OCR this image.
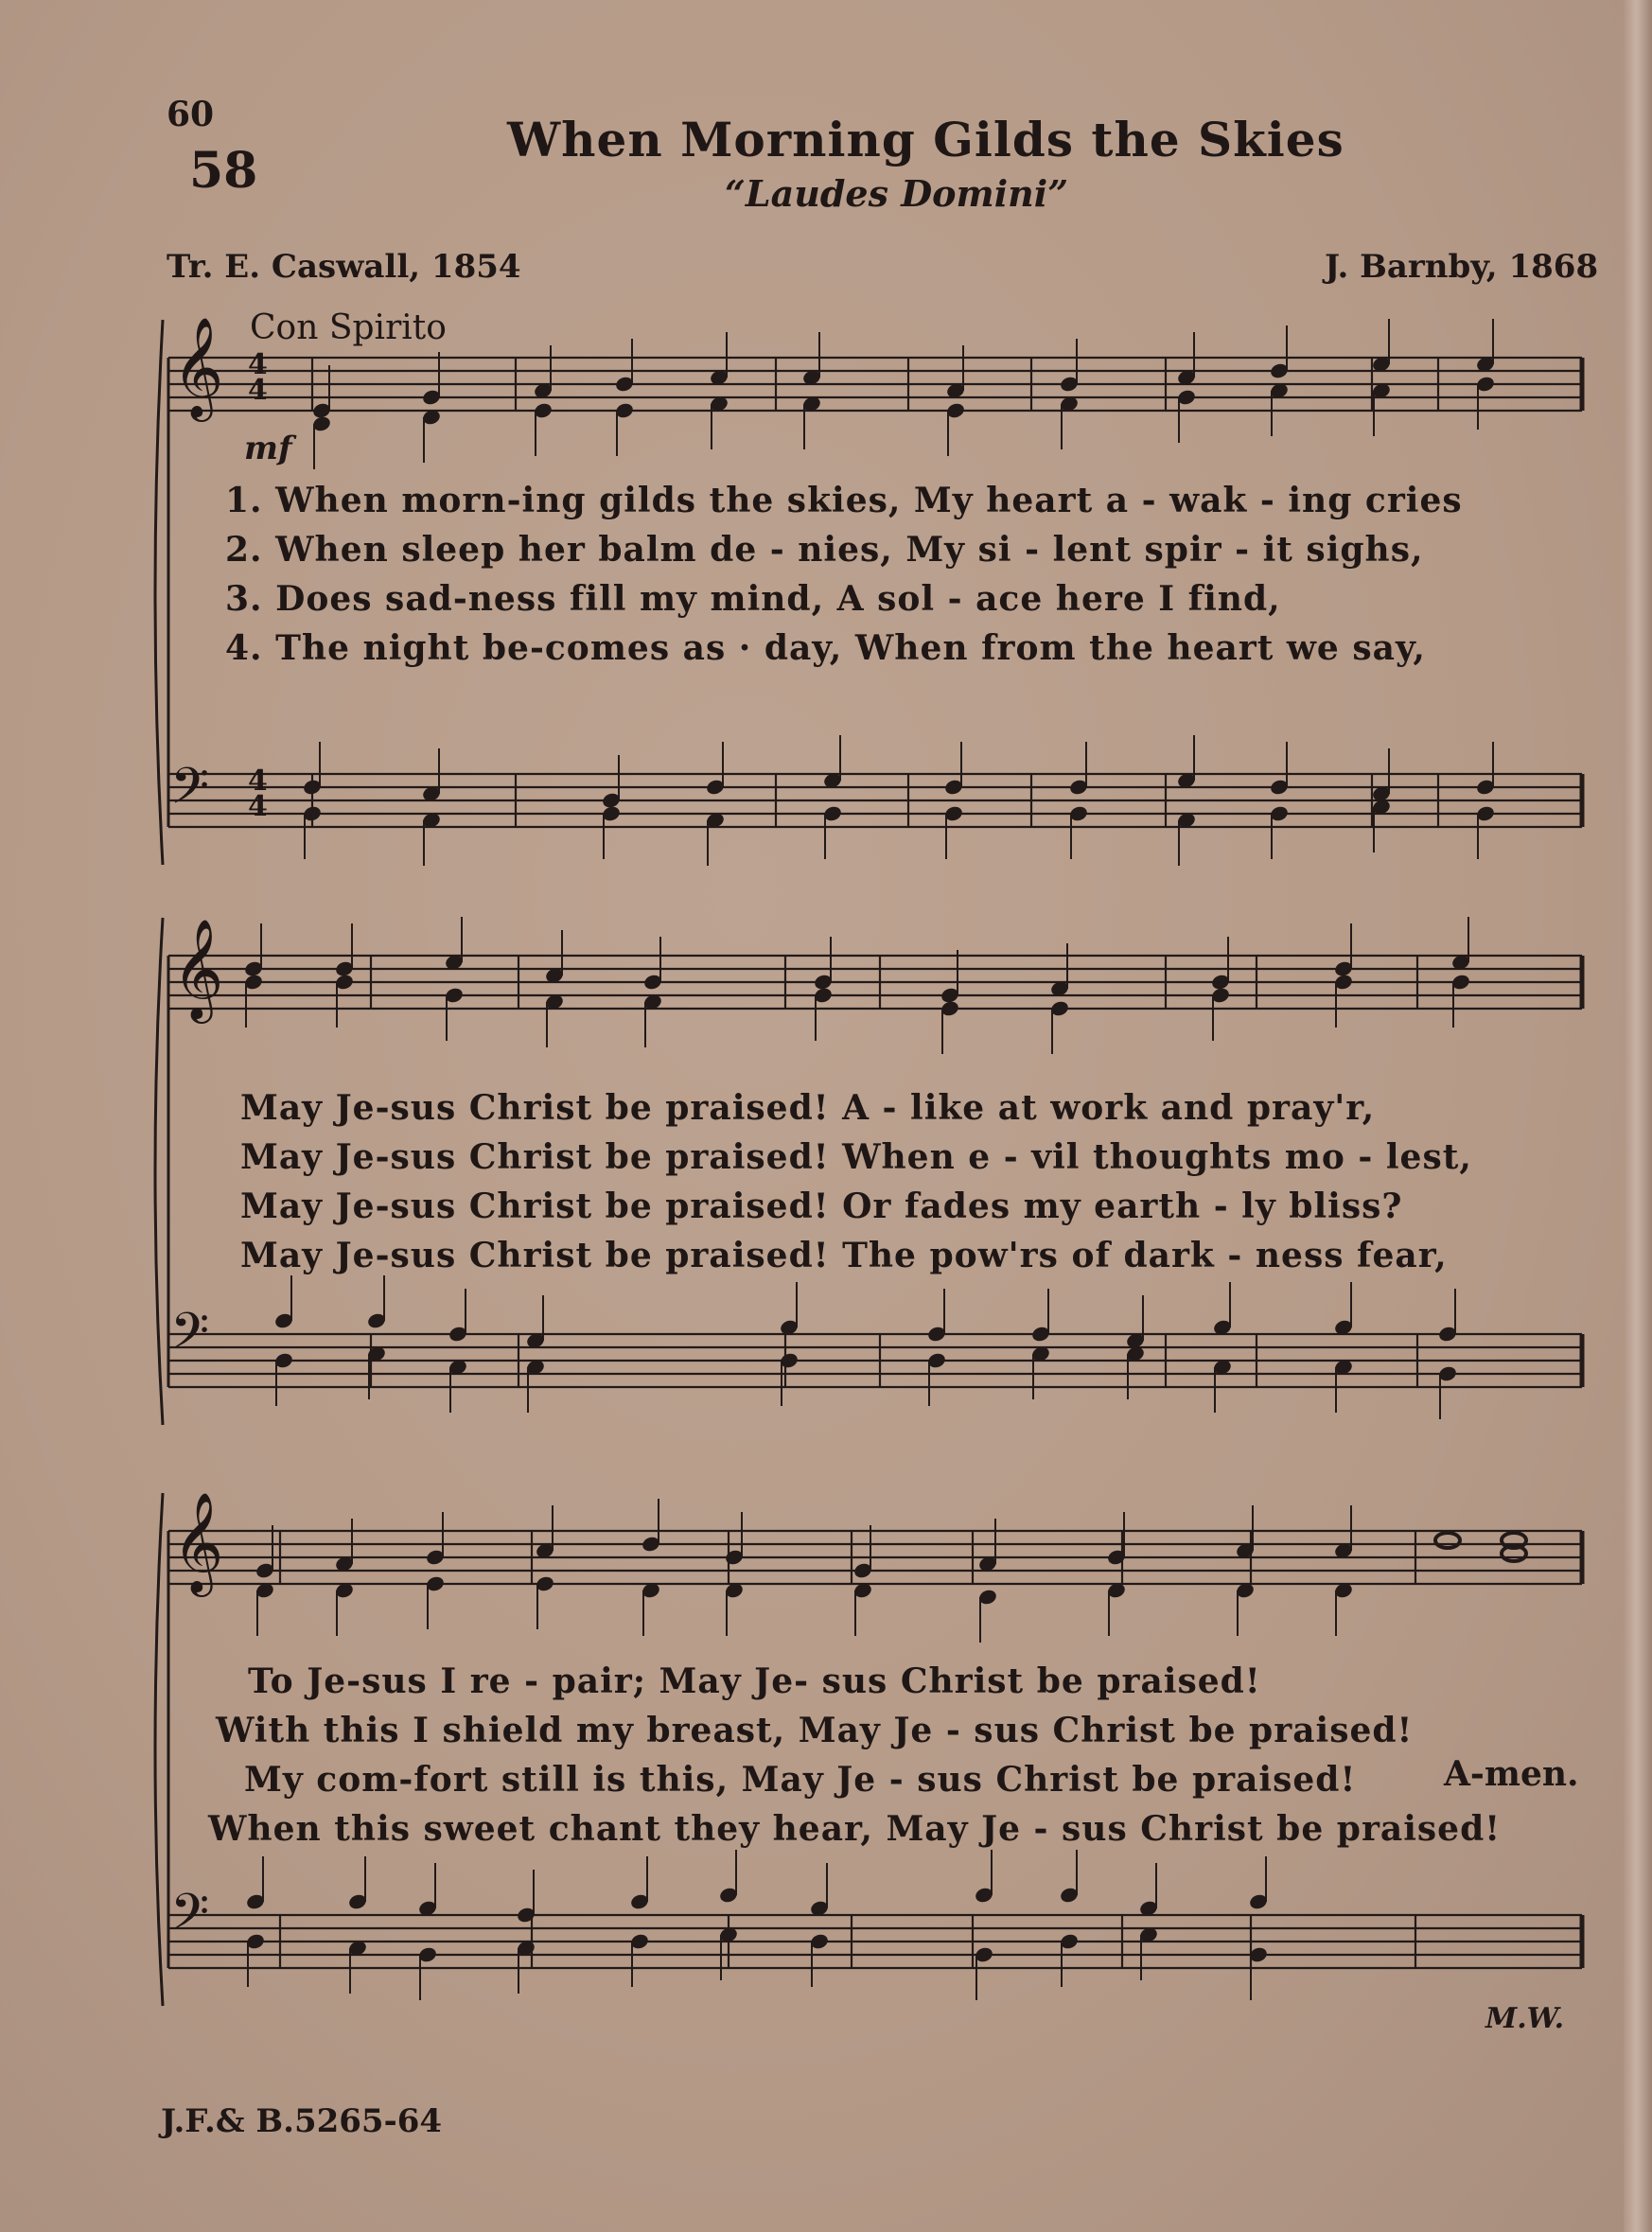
60
58
When Morning Gilds the Skies
“Laudes Domini”
Tr. E. Caswall, 1854	J. Barnby, 1868
Con Spirito
mf
𝄞
𝄢
𝄞
𝄢
𝄞
𝄢
4
4
4
4
1. When morn-ing gilds the skies, My heart a - wak - ing cries
2. When sleep her balm de - nies, My si - lent spir - it sighs,
3. Does sad-ness fill my mind, A sol - ace here I find,
4. The night be-comes as · day, When from the heart we say,
May Je-sus Christ be praised! A - like at work and pray'r,
May Je-sus Christ be praised! When e - vil thoughts mo - lest,
May Je-sus Christ be praised! Or fades my earth - ly bliss?
May Je-sus Christ be praised! The pow'rs of dark - ness fear,
To Je-sus I re - pair; May Je- sus Christ be praised!
With this I shield my breast, May Je - sus Christ be praised!
My com-fort still is this, May Je - sus Christ be praised!
When this sweet chant they hear, May Je - sus Christ be praised!
A-men.
M.W.
J.F.& B.5265-64
